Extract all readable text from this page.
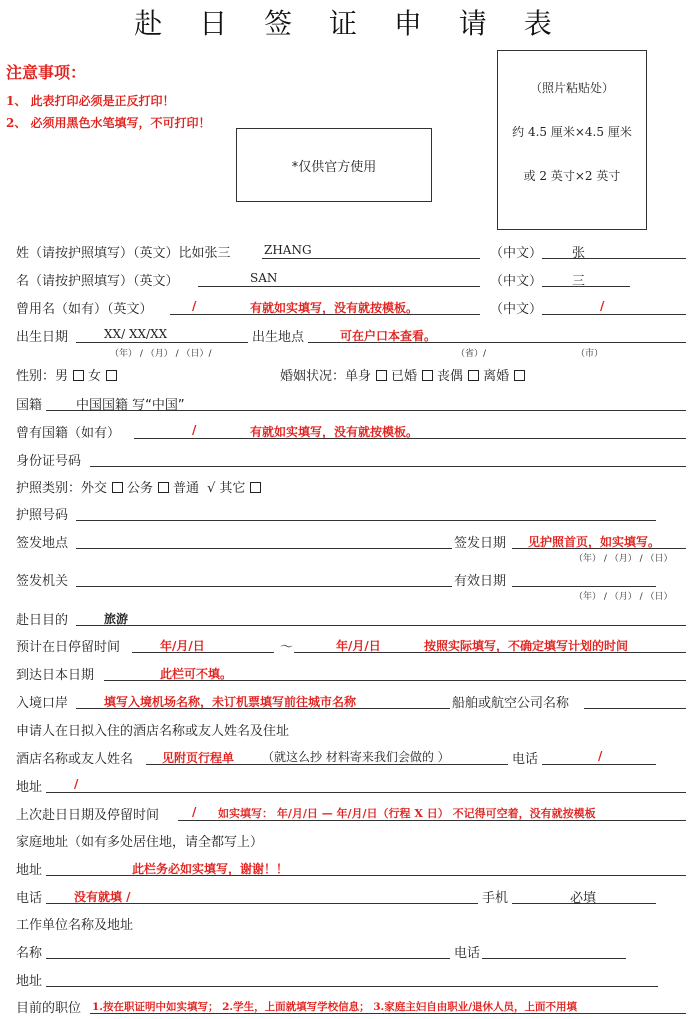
赴 日 签 证 申 请 表
注意事项：
1、 此表打印必须是正反打印！
2、 必须用黑色水笔填写，不可打印！
*仅供官方使用
（照片粘贴处）
约 4.5 厘米×4.5 厘米
或 2 英寸×2 英寸
姓（请按护照填写）（英文）比如张三	ZHANG	（中文） 张
名（请按护照填写）（英文）	SAN	（中文） 三
曾用名（如有）（英文）	/	有就如实填写，没有就按模板。	（中文）	/
出生日期	XX/ XX/XX	出生地点	可在户口本查看。
（年） / （月） / （日）/	（省）/	（市）
性别：男 女	婚姻状况：单身 已婚 丧偶 离婚
国籍	中国国籍 写“中国”
曾有国籍（如有）	/	有就如实填写，没有就按模板。
身份证号码
护照类别：外交 公务 普通 √ 其它
护照号码
签发地点	签发日期 见护照首页，如实填写。
（年） / （月） / （日）
签发机关	有效日期
（年） / （月） / （日）
赴日目的	旅游
预计在日停留时间	年/月/日	～	年/月/日	按照实际填写，不确定填写计划的时间
到达日本日期	此栏可不填。
入境口岸	填写入境机场名称，未订机票填写前往城市名称	船舶或航空公司名称
申请人在日拟入住的酒店名称或友人姓名及住址
酒店名称或友人姓名 见附页行程单 （就这么抄 材料寄来我们会做的 ）	电话	/
地址	/
上次赴日日期及停留时间	/ 如实填写： 年/月/日 — 年/月/日（行程 X 日） 不记得可空着，没有就按模板
家庭地址（如有多处居住地，请全都写上）
地址	此栏务必如实填写，谢谢！！
电话	没有就填 /	手机	必填
工作单位名称及地址
名称	电话
地址
目前的职位 1.按在职证明中如实填写； 2.学生，上面就填写学校信息； 3.家庭主妇自由职业/退休人员，上面不用填
